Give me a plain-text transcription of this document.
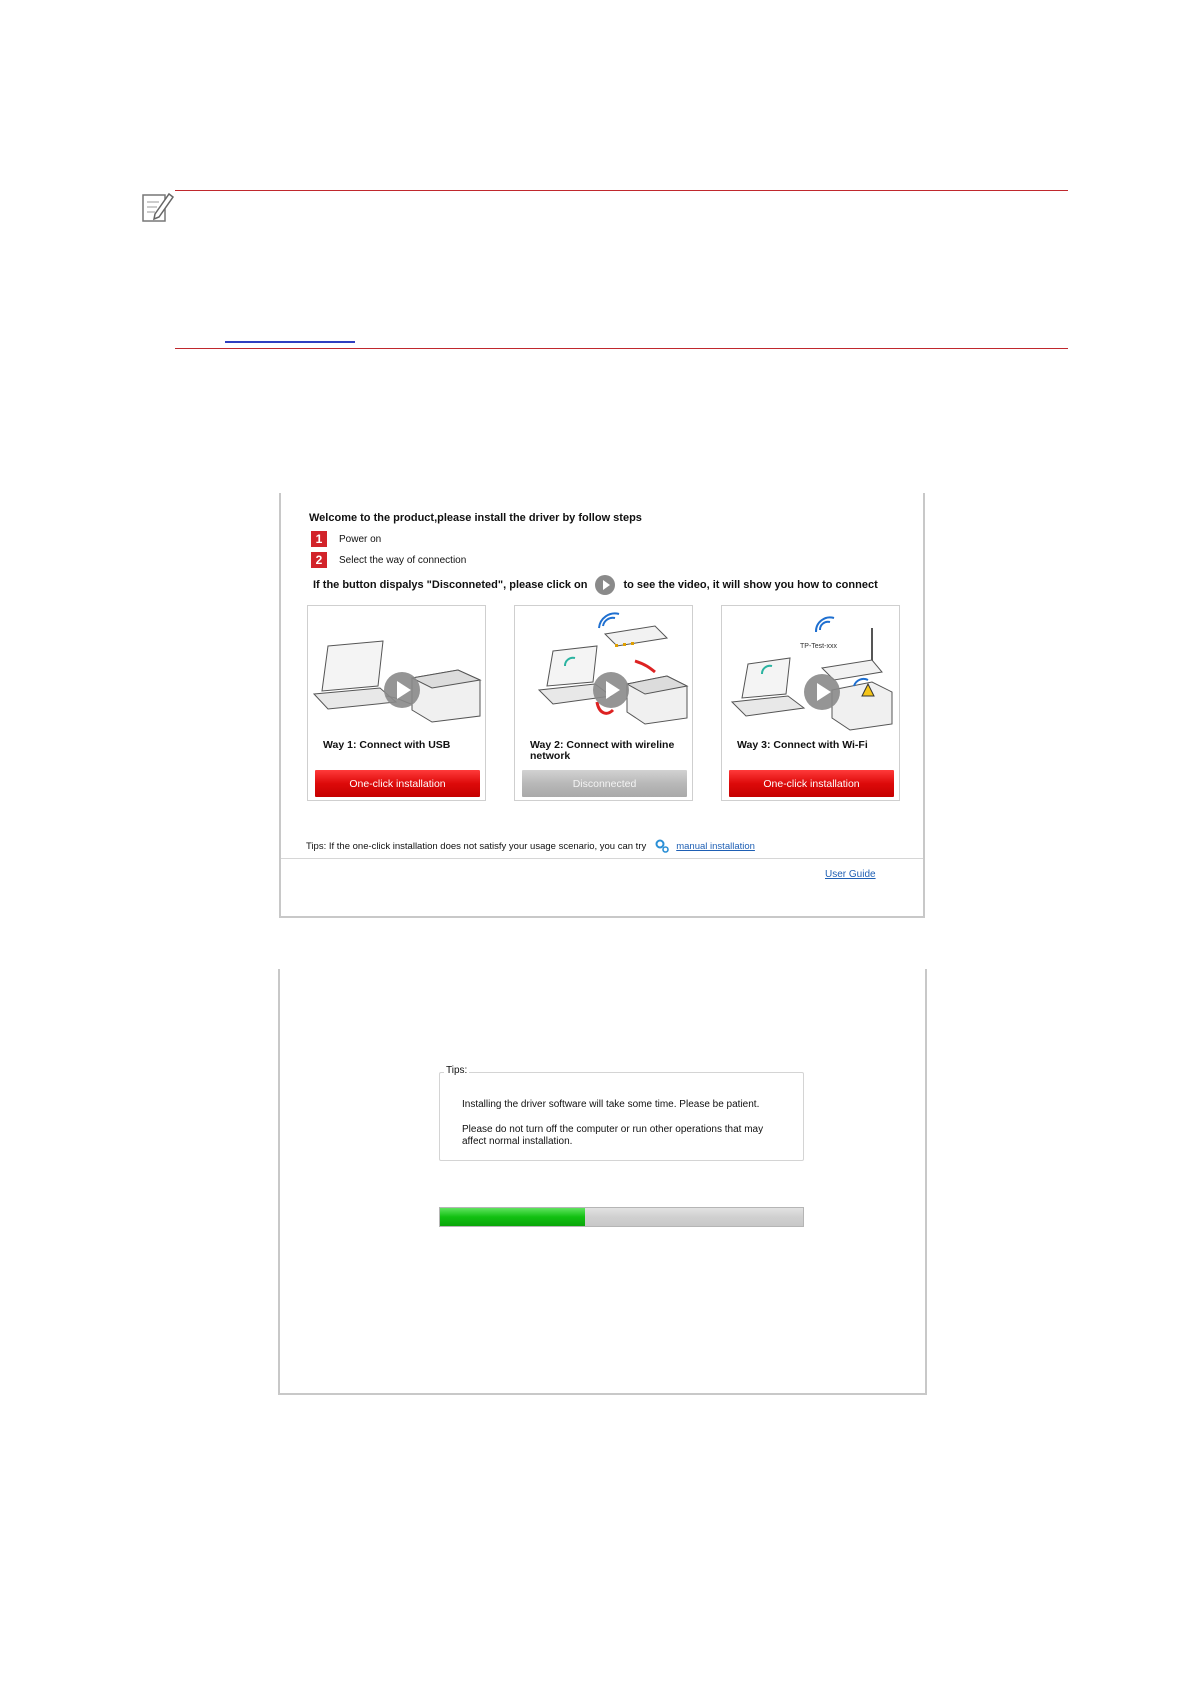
Welcome to the product,please install the driver by follow steps
1	Power on
2	Select the way of connection
If the button dispalys "Disconneted", please click on	to see the video, it will show you how to connect
Way 1: Connect with USB
One-click installation
Way 2: Connect with wireline network
Disconnected
TP-Test-xxx
Way 3: Connect with Wi-Fi
One-click installation
Tips: If the one-click installation does not satisfy your usage scenario, you can try	manual installation
User Guide
Tips:
Installing the driver software will take some time. Please be patient.
Please do not turn off the computer or run other operations that may affect normal installation.
